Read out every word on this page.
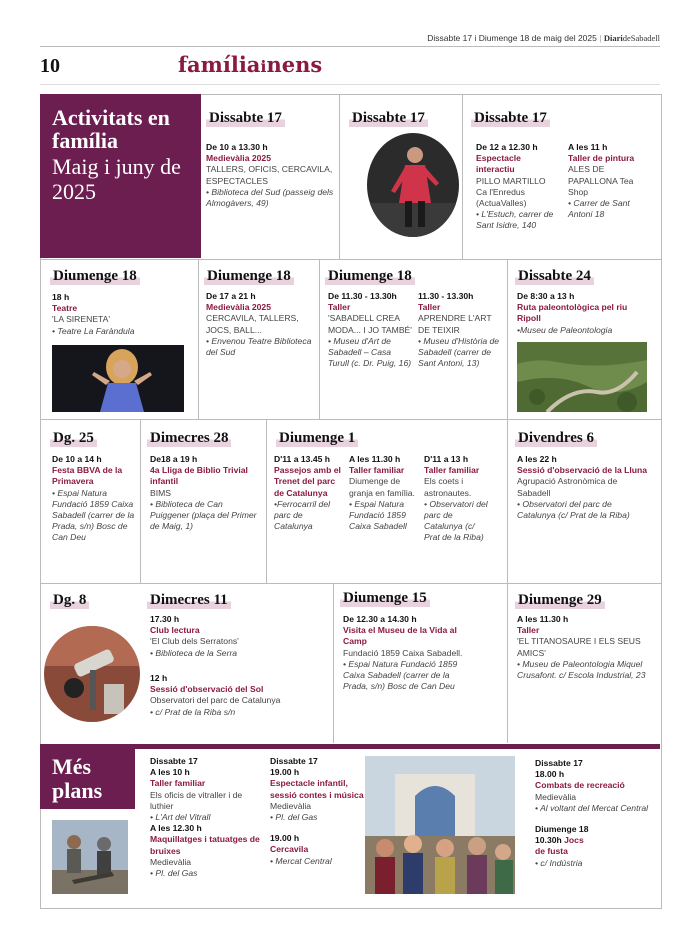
Dissabte 17 i Diumenge 18 de maig del 2025 | DiarideSabadell
10	famíliainens
Activitats en família
Maig i juny de 2025
Dissabte 17
De 10 a 13.30 h
Medievàlia 2025
TALLERS, OFICIS, CERCAVILA, ESPECTACLES
• Biblioteca del Sud (passeig dels Almogàvers, 49)
Dissabte 17	Dissabte 17
De 12 a 12.30 h
Espectacle interactiu
PILLO MARTILLO Ca l'Enredus (ActuaValles)
• L'Estuch, carrer de Sant Isidre, 140
A les 11 h
Taller de pintura
ALES DE PAPALLONA Tea Shop
• Carrer de Sant Antoni 18
Diumenge 18
18 h
Teatre
'LA SIRENETA'
• Teatre La Faràndula
Diumenge 18
De 17 a 21 h
Medievàlia 2025
CERCAVILA, TALLERS, JOCS, BALL...
• Envenou Teatre Biblioteca del Sud
Diumenge 18
De 11.30 - 13.30h
Taller
'SABADELL CREA MODA... I JO TAMBÉ'
• Museu d'Art de Sabadell – Casa Turull (c. Dr. Puig, 16)
11.30 - 13.30h
Taller
APRENDRE L'ART DE TEIXIR
• Museu d'Història de Sabadell (carrer de Sant Antoni, 13)
Dissabte 24
De 8:30 a 13 h
Ruta paleontològica pel riu Ripoll
•Museu de Paleontologia
Dg. 25
De 10 a 14 h
Festa BBVA de la Primavera
• Espai Natura Fundació 1859 Caixa Sabadell (carrer de la Prada, s/n) Bosc de Can Deu
Dimecres 28
De18 a 19 h
4a Lliga de Biblio Trivial infantil
BIMS
• Biblioteca de Can Puiggener (plaça del Primer de Maig, 1)
Diumenge 1
D'11 a 13.45 h
Passejos amb el Trenet del parc de Catalunya
•Ferrocarril del parc de Catalunya
A les 11.30 h
Taller familiar
Diumenge de granja en família.
• Espai Natura Fundació 1859 Caixa Sabadell
D'11 a 13 h
Taller familiar
Els coets i astronautes.
• Observatori del parc de Catalunya (c/ Prat de la Riba)
Divendres 6
A les 22 h
Sessió d'observació de la Lluna
Agrupació Astronòmica de Sabadell
• Observatori del parc de Catalunya (c/ Prat de la Riba)
Dg. 8	Dimecres 11
17.30 h
Club lectura
'El Club dels Serratons'
• Biblioteca de la Serra
12 h
Sessió d'observació del Sol
Observatori del parc de Catalunya
• c/ Prat de la Riba s/n
Diumenge 15
De 12.30 a 14.30 h
Visita el Museu de la Vida al Camp
Fundació 1859 Caixa Sabadell.
• Espai Natura Fundació 1859 Caixa Sabadell (carrer de la Prada, s/n) Bosc de Can Deu
Diumenge 29
A les 11.30 h
Taller
'EL TITANOSAURE I ELS SEUS AMICS'
• Museu de Paleontologia Miquel Crusafont. c/ Escola Industrial, 23
Més plans
Dissabte 17
A les 10 h
Taller familiar
Els oficis de vitraller i de luthier
• L'Art del Vitrall
A les 12.30 h
Maquillatges i tatuatges de bruixes
Medievàlia
• Pl. del Gas
Dissabte 17
19.00 h
Espectacle infantil, sessió contes i música
Medievàlia
• Pl. del Gas
19.00 h
Cercavila
• Mercat Central
Dissabte 17
18.00 h
Combats de recreació
Medievàlia
• Al voltant del Mercat Central
Diumenge 18
10.30h Jocs
de fusta
• c/ Indústria
